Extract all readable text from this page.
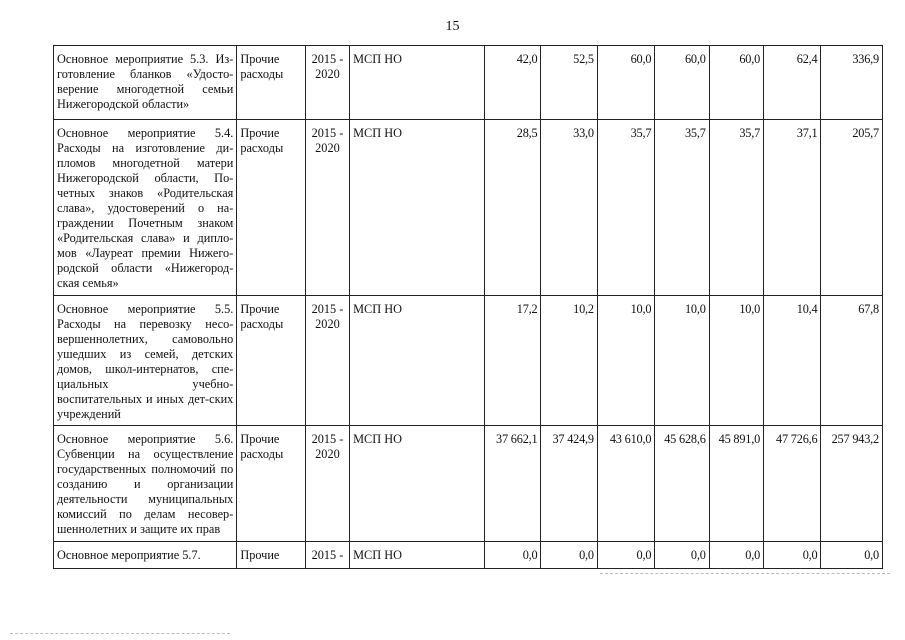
15
Основное мероприятие 5.3. Из-готовление бланков «Удосто-верение многодетной семьи Нижегородской области»	Прочие расходы	2015 - 2020	МСП НО	42,0	52,5	60,0	60,0	60,0	62,4	336,9
Основное мероприятие 5.4. Расходы на изготовление ди-пломов многодетной матери Нижегородской области, По-четных знаков «Родительская слава», удостоверений о на-граждении Почетным знаком «Родительская слава» и дипло-мов «Лауреат премии Нижего-родской области «Нижегород-ская семья»	Прочие расходы	2015 - 2020	МСП НО	28,5	33,0	35,7	35,7	35,7	37,1	205,7
Основное мероприятие 5.5. Расходы на перевозку несо-вершеннолетних, самовольно ушедших из семей, детских домов, школ-интернатов, спе-циальных учебно-воспитательных и иных дет-ских учреждений	Прочие расходы	2015 - 2020	МСП НО	17,2	10,2	10,0	10,0	10,0	10,4	67,8
Основное мероприятие 5.6. Субвенции на осуществление государственных полномочий по созданию и организации деятельности муниципальных комиссий по делам несовер-шеннолетних и защите их прав	Прочие расходы	2015 - 2020	МСП НО	37 662,1	37 424,9	43 610,0	45 628,6	45 891,0	47 726,6	257 943,2
Основное мероприятие 5.7.	Прочие	2015 -	МСП НО	0,0	0,0	0,0	0,0	0,0	0,0	0,0
